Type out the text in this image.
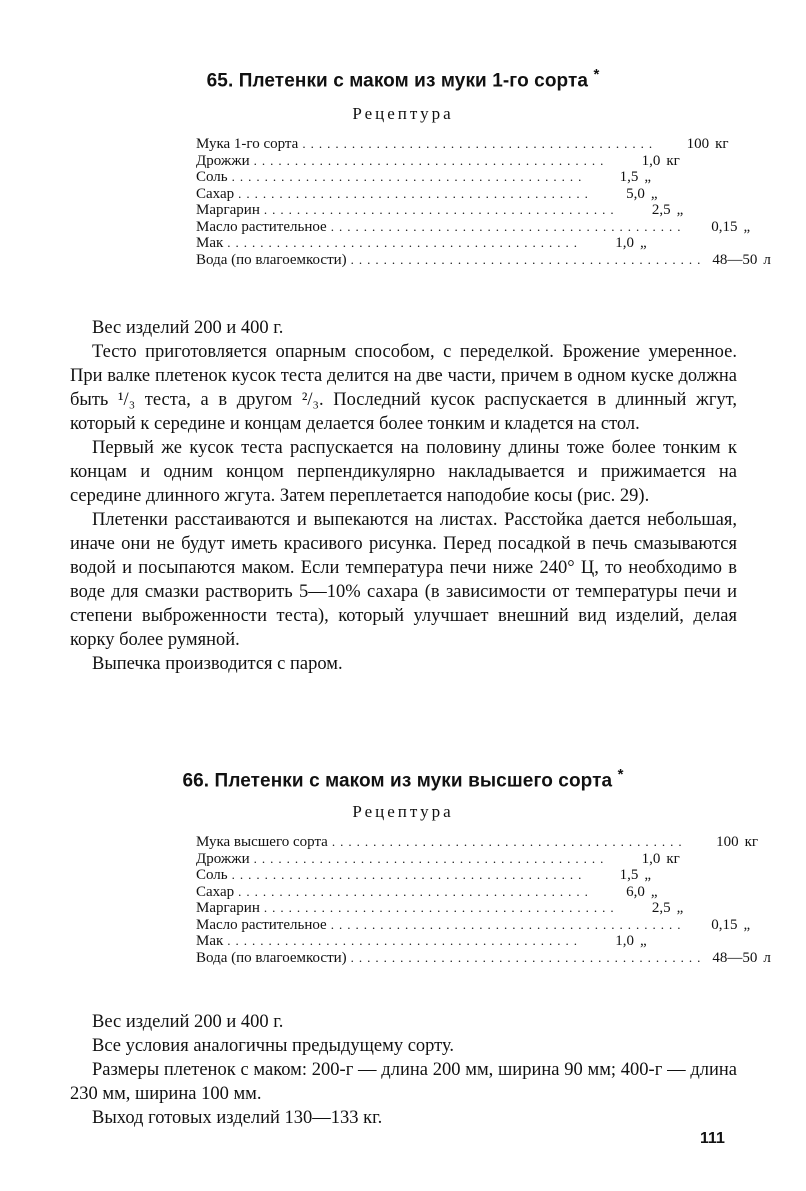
65. Плетенки с маком из муки 1-го сорта *
Рецептура
Мука 1-го сорта ...........................................	100 кг
Дрожжи ...........................................	1,0 кг
Соль ...........................................	1,5 „
Сахар ...........................................	5,0 „
Маргарин ...........................................	2,5 „
Масло растительное ...........................................	0,15 „
Мак ...........................................	1,0 „
Вода (по влагоемкости) ........................................... 48—50 л

Вес изделий 200 и 400 г.

Тесто приготовляется опарным способом, с переделкой. Брожение умеренное. При валке плетенок кусок теста делится на две части, причем в одном куске должна быть ¹/₃ теста, а в другом ²/₃. Последний кусок распускается в длинный жгут, который к середине и концам делается более тонким и кладется на стол.

Первый же кусок теста распускается на половину длины тоже более тонким к концам и одним концом перпендикулярно накладывается и прижимается на середине длинного жгута. Затем переплетается наподобие косы (рис. 29).

Плетенки расстаиваются и выпекаются на листах. Расстойка дается небольшая, иначе они не будут иметь красивого рисунка. Перед посадкой в печь смазываются водой и посыпаются маком. Если температура печи ниже 240° Ц, то необходимо в воде для смазки растворить 5—10% сахара (в зависимости от температуры печи и степени выброженности теста), который улучшает внешний вид изделий, делая корку более румяной.

Выпечка производится с паром.

66. Плетенки с маком из муки высшего сорта *
Рецептура
Мука высшего сорта ...........................................	100 кг
Дрожжи ...........................................	1,0 кг
Соль ...........................................	1,5 „
Сахар ...........................................	6,0 „
Маргарин ...........................................	2,5 „
Масло растительное ...........................................	0,15 „
Мак ...........................................	1,0 „
Вода (по влагоемкости) ........................................... 48—50 л

Вес изделий 200 и 400 г.

Все условия аналогичны предыдущему сорту.

Размеры плетенок с маком: 200-г — длина 200 мм, ширина 90 мм; 400-г — длина 230 мм, ширина 100 мм.

Выход готовых изделий 130—133 кг.

111
